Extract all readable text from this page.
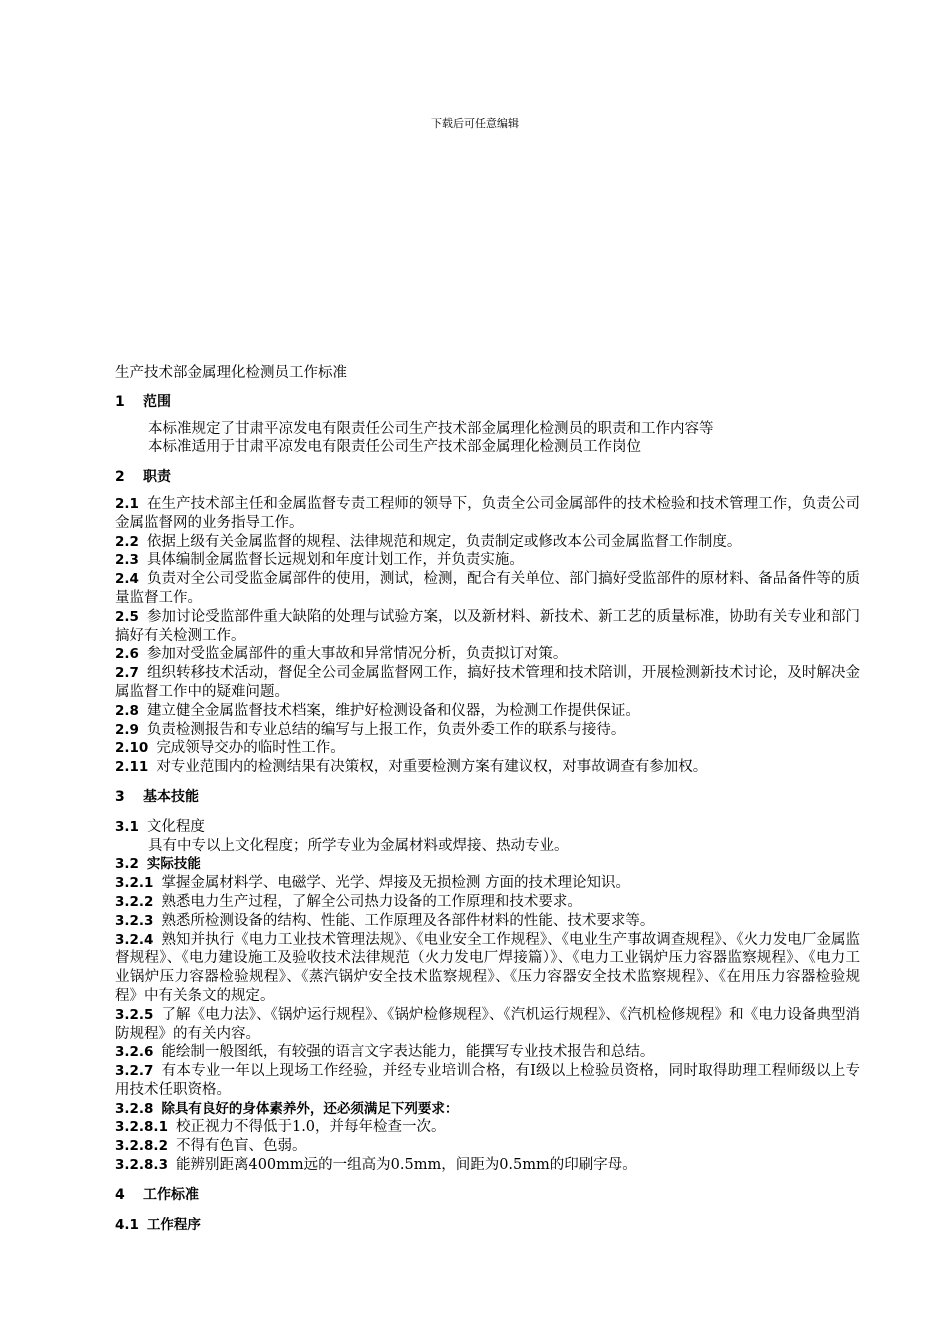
下载后可任意编辑

生产技术部金属理化检测员工作标准

1 范围

本标准规定了甘肃平凉发电有限责任公司生产技术部金属理化检测员的职责和工作内容等

本标准适用于甘肃平凉发电有限责任公司生产技术部金属理化检测员工作岗位

2 职责

2.1 在生产技术部主任和金属监督专责工程师的领导下，负责全公司金属部件的技术检验和技术管理工作，负责公司金属监督网的业务指导工作。

2.2 依据上级有关金属监督的规程、法律规范和规定，负责制定或修改本公司金属监督工作制度。

2.3 具体编制金属监督长远规划和年度计划工作，并负责实施。

2.4 负责对全公司受监金属部件的使用，测试，检测，配合有关单位、部门搞好受监部件的原材料、备品备件等的质量监督工作。

2.5 参加讨论受监部件重大缺陷的处理与试验方案，以及新材料、新技术、新工艺的质量标准，协助有关专业和部门搞好有关检测工作。

2.6 参加对受监金属部件的重大事故和异常情况分析，负责拟订对策。

2.7 组织转移技术活动，督促全公司金属监督网工作，搞好技术管理和技术陪训，开展检测新技术讨论，及时解决金属监督工作中的疑难问题。

2.8 建立健全金属监督技术档案，维护好检测设备和仪器，为检测工作提供保证。

2.9 负责检测报告和专业总结的编写与上报工作，负责外委工作的联系与接待。

2.10 完成领导交办的临时性工作。

2.11 对专业范围内的检测结果有决策权，对重要检测方案有建议权，对事故调查有参加权。

3 基本技能

3.1 文化程度

具有中专以上文化程度；所学专业为金属材料或焊接、热动专业。

3.2 实际技能

3.2.1 掌握金属材料学、电磁学、光学、焊接及无损检测 方面的技术理论知识。

3.2.2 熟悉电力生产过程，了解全公司热力设备的工作原理和技术要求。

3.2.3 熟悉所检测设备的结构、性能、工作原理及各部件材料的性能、技术要求等。

3.2.4 熟知并执行《电力工业技术管理法规》、《电业安全工作规程》、《电业生产事故调查规程》、《火力发电厂金属监督规程》、《电力建设施工及验收技术法律规范（火力发电厂焊接篇）》、《电力工业锅炉压力容器监察规程》、《电力工业锅炉压力容器检验规程》、《蒸汽锅炉安全技术监察规程》、《压力容器安全技术监察规程》、《在用压力容器检验规程》中有关条文的规定。

3.2.5 了解《电力法》、《锅炉运行规程》、《锅炉检修规程》、《汽机运行规程》、《汽机检修规程》和《电力设备典型消防规程》的有关内容。

3.2.6 能绘制一般图纸，有较强的语言文字表达能力，能撰写专业技术报告和总结。

3.2.7 有本专业一年以上现场工作经验，并经专业培训合格，有Ⅰ级以上检验员资格，同时取得助理工程师级以上专用技术任职资格。

3.2.8 除具有良好的身体素养外，还必须满足下列要求：

3.2.8.1 校正视力不得低于1.0，并每年检查一次。

3.2.8.2 不得有色盲、色弱。

3.2.8.3 能辨别距离400mm远的一组高为0.5mm，间距为0.5mm的印刷字母。

4 工作标准

4.1 工作程序
